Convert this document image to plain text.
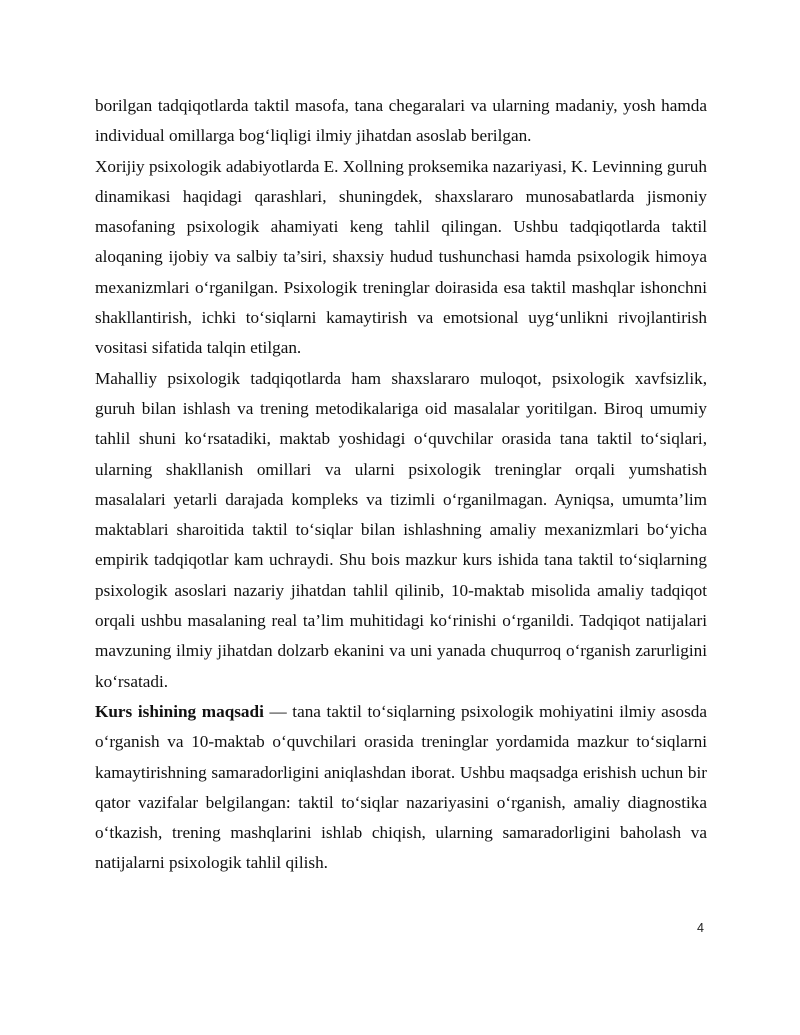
borilgan tadqiqotlarda taktil masofa, tana chegaralari va ularning madaniy, yosh hamda individual omillarga bog‘liqligi ilmiy jihatdan asoslab berilgan.

Xorijiy psixologik adabiyotlarda E. Xollning proksemika nazariyasi, K. Levinning guruh dinamikasi haqidagi qarashlari, shuningdek, shaxslararo munosabatlarda jismoniy masofaning psixologik ahamiyati keng tahlil qilingan. Ushbu tadqiqotlarda taktil aloqaning ijobiy va salbiy ta’siri, shaxsiy hudud tushunchasi hamda psixologik himoya mexanizmlari o‘rganilgan. Psixologik treninglar doirasida esa taktil mashqlar ishonchni shakllantirish, ichki to‘siqlarni kamaytirish va emotsional uyg‘unlikni rivojlantirish vositasi sifatida talqin etilgan.

Mahalliy psixologik tadqiqotlarda ham shaxslararo muloqot, psixologik xavfsizlik, guruh bilan ishlash va trening metodikalariga oid masalalar yoritilgan. Biroq umumiy tahlil shuni ko‘rsatadiki, maktab yoshidagi o‘quvchilar orasida tana taktil to‘siqlari, ularning shakllanish omillari va ularni psixologik treninglar orqali yumshatish masalalari yetarli darajada kompleks va tizimli o‘rganilmagan. Ayniqsa, umumta’lim maktablari sharoitida taktil to‘siqlar bilan ishlashning amaliy mexanizmlari bo‘yicha empirik tadqiqotlar kam uchraydi. Shu bois mazkur kurs ishida tana taktil to‘siqlarning psixologik asoslari nazariy jihatdan tahlil qilinib, 10-maktab misolida amaliy tadqiqot orqali ushbu masalaning real ta’lim muhitidagi ko‘rinishi o‘rganildi. Tadqiqot natijalari mavzuning ilmiy jihatdan dolzarb ekanini va uni yanada chuqurroq o‘rganish zarurligini ko‘rsatadi.

Kurs ishining maqsadi — tana taktil to‘siqlarning psixologik mohiyatini ilmiy asosda o‘rganish va 10-maktab o‘quvchilari orasida treninglar yordamida mazkur to‘siqlarni kamaytirishning samaradorligini aniqlashdan iborat. Ushbu maqsadga erishish uchun bir qator vazifalar belgilangan: taktil to‘siqlar nazariyasini o‘rganish, amaliy diagnostika o‘tkazish, trening mashqlarini ishlab chiqish, ularning samaradorligini baholash va natijalarni psixologik tahlil qilish.

4
